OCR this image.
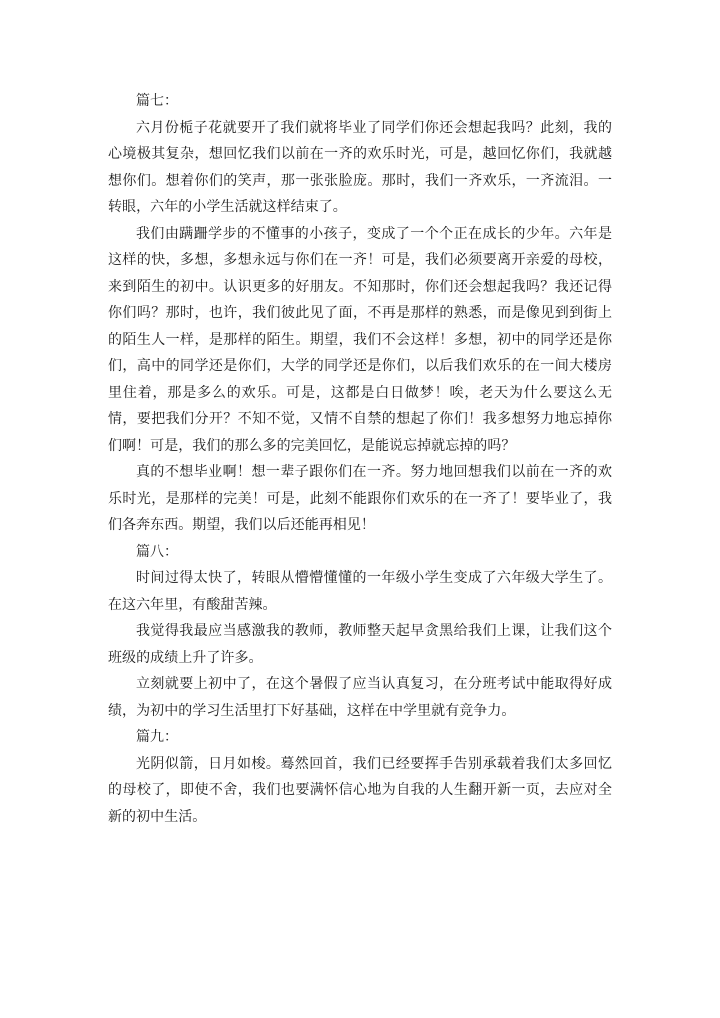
篇七：

六月份栀子花就要开了我们就将毕业了同学们你还会想起我吗？此刻，我的心境极其复杂，想回忆我们以前在一齐的欢乐时光，可是，越回忆你们，我就越想你们。想着你们的笑声，那一张张脸庞。那时，我们一齐欢乐，一齐流泪。一转眼，六年的小学生活就这样结束了。

我们由蹒跚学步的不懂事的小孩子，变成了一个个正在成长的少年。六年是这样的快，多想，多想永远与你们在一齐！可是，我们必须要离开亲爱的母校，来到陌生的初中。认识更多的好朋友。不知那时，你们还会想起我吗？我还记得你们吗？那时，也许，我们彼此见了面，不再是那样的熟悉，而是像见到到街上的陌生人一样，是那样的陌生。期望，我们不会这样！多想，初中的同学还是你们，高中的同学还是你们，大学的同学还是你们，以后我们欢乐的在一间大楼房里住着，那是多么的欢乐。可是，这都是白日做梦！唉，老天为什么要这么无情，要把我们分开？不知不觉，又情不自禁的想起了你们！我多想努力地忘掉你们啊！可是，我们的那么多的完美回忆，是能说忘掉就忘掉的吗？

真的不想毕业啊！想一辈子跟你们在一齐。努力地回想我们以前在一齐的欢乐时光，是那样的完美！可是，此刻不能跟你们欢乐的在一齐了！要毕业了，我们各奔东西。期望，我们以后还能再相见！

篇八：

时间过得太快了，转眼从懵懵懂懂的一年级小学生变成了六年级大学生了。在这六年里，有酸甜苦辣。

我觉得我最应当感激我的教师，教师整天起早贪黑给我们上课，让我们这个班级的成绩上升了许多。

立刻就要上初中了，在这个暑假了应当认真复习，在分班考试中能取得好成绩，为初中的学习生活里打下好基础，这样在中学里就有竞争力。

篇九：

光阴似箭，日月如梭。蓦然回首，我们已经要挥手告别承载着我们太多回忆的母校了，即使不舍，我们也要满怀信心地为自我的人生翻开新一页，去应对全新的初中生活。
